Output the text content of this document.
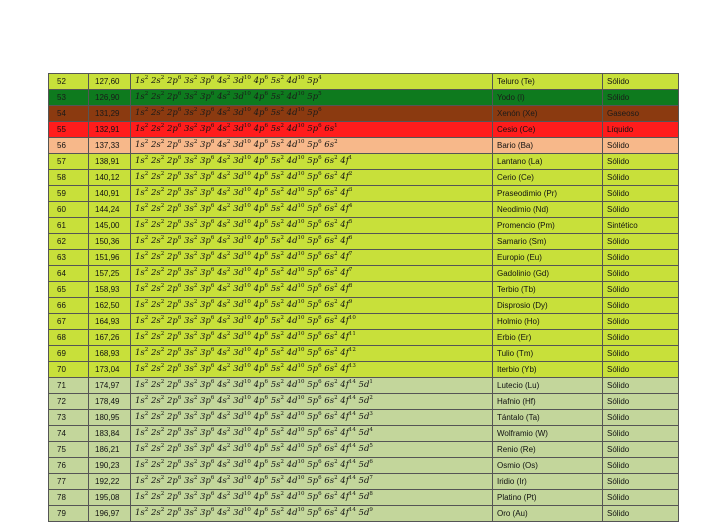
52	127,60	$1s^2$ $2s^2$ $2p^6$ $3s^2$ $3p^6$ $4s^2$ $3d^{10}$ $4p^6$ $5s^2$ $4d^{10}$ $5p^4$	Teluro (Te)	Sólido
53	126,90	$1s^2$ $2s^2$ $2p^6$ $3s^2$ $3p^6$ $4s^2$ $3d^{10}$ $4p^6$ $5s^2$ $4d^{10}$ $5p^5$	Yodo (I)	Sólido
54	131,29	$1s^2$ $2s^2$ $2p^6$ $3s^2$ $3p^6$ $4s^2$ $3d^{10}$ $4p^6$ $5s^2$ $4d^{10}$ $5p^6$	Xenón (Xe)	Gaseoso
55	132,91	$1s^2$ $2s^2$ $2p^6$ $3s^2$ $3p^6$ $4s^2$ $3d^{10}$ $4p^6$ $5s^2$ $4d^{10}$ $5p^6$ $6s^1$	Cesio (Ce)	Líquido
56	137,33	$1s^2$ $2s^2$ $2p^6$ $3s^2$ $3p^6$ $4s^2$ $3d^{10}$ $4p^6$ $5s^2$ $4d^{10}$ $5p^6$ $6s^2$	Bario (Ba)	Sólido
57	138,91	$1s^2$ $2s^2$ $2p^6$ $3s^2$ $3p^6$ $4s^2$ $3d^{10}$ $4p^6$ $5s^2$ $4d^{10}$ $5p^6$ $6s^2$ $4f^1$	Lantano (La)	Sólido
58	140,12	$1s^2$ $2s^2$ $2p^6$ $3s^2$ $3p^6$ $4s^2$ $3d^{10}$ $4p^6$ $5s^2$ $4d^{10}$ $5p^6$ $6s^2$ $4f^2$	Cerio (Ce)	Sólido
59	140,91	$1s^2$ $2s^2$ $2p^6$ $3s^2$ $3p^6$ $4s^2$ $3d^{10}$ $4p^6$ $5s^2$ $4d^{10}$ $5p^6$ $6s^2$ $4f^3$	Praseodimio (Pr)	Sólido
60	144,24	$1s^2$ $2s^2$ $2p^6$ $3s^2$ $3p^6$ $4s^2$ $3d^{10}$ $4p^6$ $5s^2$ $4d^{10}$ $5p^6$ $6s^2$ $4f^4$	Neodimio (Nd)	Sólido
61	145,00	$1s^2$ $2s^2$ $2p^6$ $3s^2$ $3p^6$ $4s^2$ $3d^{10}$ $4p^6$ $5s^2$ $4d^{10}$ $5p^6$ $6s^2$ $4f^5$	Promencio (Pm)	Sintético
62	150,36	$1s^2$ $2s^2$ $2p^6$ $3s^2$ $3p^6$ $4s^2$ $3d^{10}$ $4p^6$ $5s^2$ $4d^{10}$ $5p^6$ $6s^2$ $4f^6$	Samario (Sm)	Sólido
63	151,96	$1s^2$ $2s^2$ $2p^6$ $3s^2$ $3p^6$ $4s^2$ $3d^{10}$ $4p^6$ $5s^2$ $4d^{10}$ $5p^6$ $6s^2$ $4f^7$	Europio (Eu)	Sólido
64	157,25	$1s^2$ $2s^2$ $2p^6$ $3s^2$ $3p^6$ $4s^2$ $3d^{10}$ $4p^6$ $5s^2$ $4d^{10}$ $5p^6$ $6s^2$ $4f^7$	Gadolinio (Gd)	Sólido
65	158,93	$1s^2$ $2s^2$ $2p^6$ $3s^2$ $3p^6$ $4s^2$ $3d^{10}$ $4p^6$ $5s^2$ $4d^{10}$ $5p^6$ $6s^2$ $4f^8$	Terbio (Tb)	Sólido
66	162,50	$1s^2$ $2s^2$ $2p^6$ $3s^2$ $3p^6$ $4s^2$ $3d^{10}$ $4p^6$ $5s^2$ $4d^{10}$ $5p^6$ $6s^2$ $4f^9$	Disprosio (Dy)	Sólido
67	164,93	$1s^2$ $2s^2$ $2p^6$ $3s^2$ $3p^6$ $4s^2$ $3d^{10}$ $4p^6$ $5s^2$ $4d^{10}$ $5p^6$ $6s^2$ $4f^{10}$	Holmio (Ho)	Sólido
68	167,26	$1s^2$ $2s^2$ $2p^6$ $3s^2$ $3p^6$ $4s^2$ $3d^{10}$ $4p^6$ $5s^2$ $4d^{10}$ $5p^6$ $6s^2$ $4f^{11}$	Erbio (Er)	Sólido
69	168,93	$1s^2$ $2s^2$ $2p^6$ $3s^2$ $3p^6$ $4s^2$ $3d^{10}$ $4p^6$ $5s^2$ $4d^{10}$ $5p^6$ $6s^2$ $4f^{12}$	Tulio (Tm)	Sólido
70	173,04	$1s^2$ $2s^2$ $2p^6$ $3s^2$ $3p^6$ $4s^2$ $3d^{10}$ $4p^6$ $5s^2$ $4d^{10}$ $5p^6$ $6s^2$ $4f^{13}$	Iterbio (Yb)	Sólido
71	174,97	$1s^2$ $2s^2$ $2p^6$ $3s^2$ $3p^6$ $4s^2$ $3d^{10}$ $4p^6$ $5s^2$ $4d^{10}$ $5p^6$ $6s^2$ $4f^{14}$ $5d^1$	Lutecio (Lu)	Sólido
72	178,49	$1s^2$ $2s^2$ $2p^6$ $3s^2$ $3p^6$ $4s^2$ $3d^{10}$ $4p^6$ $5s^2$ $4d^{10}$ $5p^6$ $6s^2$ $4f^{14}$ $5d^2$	Hafnio (Hf)	Sólido
73	180,95	$1s^2$ $2s^2$ $2p^6$ $3s^2$ $3p^6$ $4s^2$ $3d^{10}$ $4p^6$ $5s^2$ $4d^{10}$ $5p^6$ $6s^2$ $4f^{14}$ $5d^3$	Tántalo (Ta)	Sólido
74	183,84	$1s^2$ $2s^2$ $2p^6$ $3s^2$ $3p^6$ $4s^2$ $3d^{10}$ $4p^6$ $5s^2$ $4d^{10}$ $5p^6$ $6s^2$ $4f^{14}$ $5d^4$	Wolframio (W)	Sólido
75	186,21	$1s^2$ $2s^2$ $2p^6$ $3s^2$ $3p^6$ $4s^2$ $3d^{10}$ $4p^6$ $5s^2$ $4d^{10}$ $5p^6$ $6s^2$ $4f^{14}$ $5d^5$	Renio (Re)	Sólido
76	190,23	$1s^2$ $2s^2$ $2p^6$ $3s^2$ $3p^6$ $4s^2$ $3d^{10}$ $4p^6$ $5s^2$ $4d^{10}$ $5p^6$ $6s^2$ $4f^{14}$ $5d^6$	Osmio (Os)	Sólido
77	192,22	$1s^2$ $2s^2$ $2p^6$ $3s^2$ $3p^6$ $4s^2$ $3d^{10}$ $4p^6$ $5s^2$ $4d^{10}$ $5p^6$ $6s^2$ $4f^{14}$ $5d^7$	Iridio (Ir)	Sólido
78	195,08	$1s^2$ $2s^2$ $2p^6$ $3s^2$ $3p^6$ $4s^2$ $3d^{10}$ $4p^6$ $5s^2$ $4d^{10}$ $5p^6$ $6s^2$ $4f^{14}$ $5d^8$	Platino (Pt)	Sólido
79	196,97	$1s^2$ $2s^2$ $2p^6$ $3s^2$ $3p^6$ $4s^2$ $3d^{10}$ $4p^6$ $5s^2$ $4d^{10}$ $5p^6$ $6s^2$ $4f^{14}$ $5d^9$	Oro (Au)	Sólido
